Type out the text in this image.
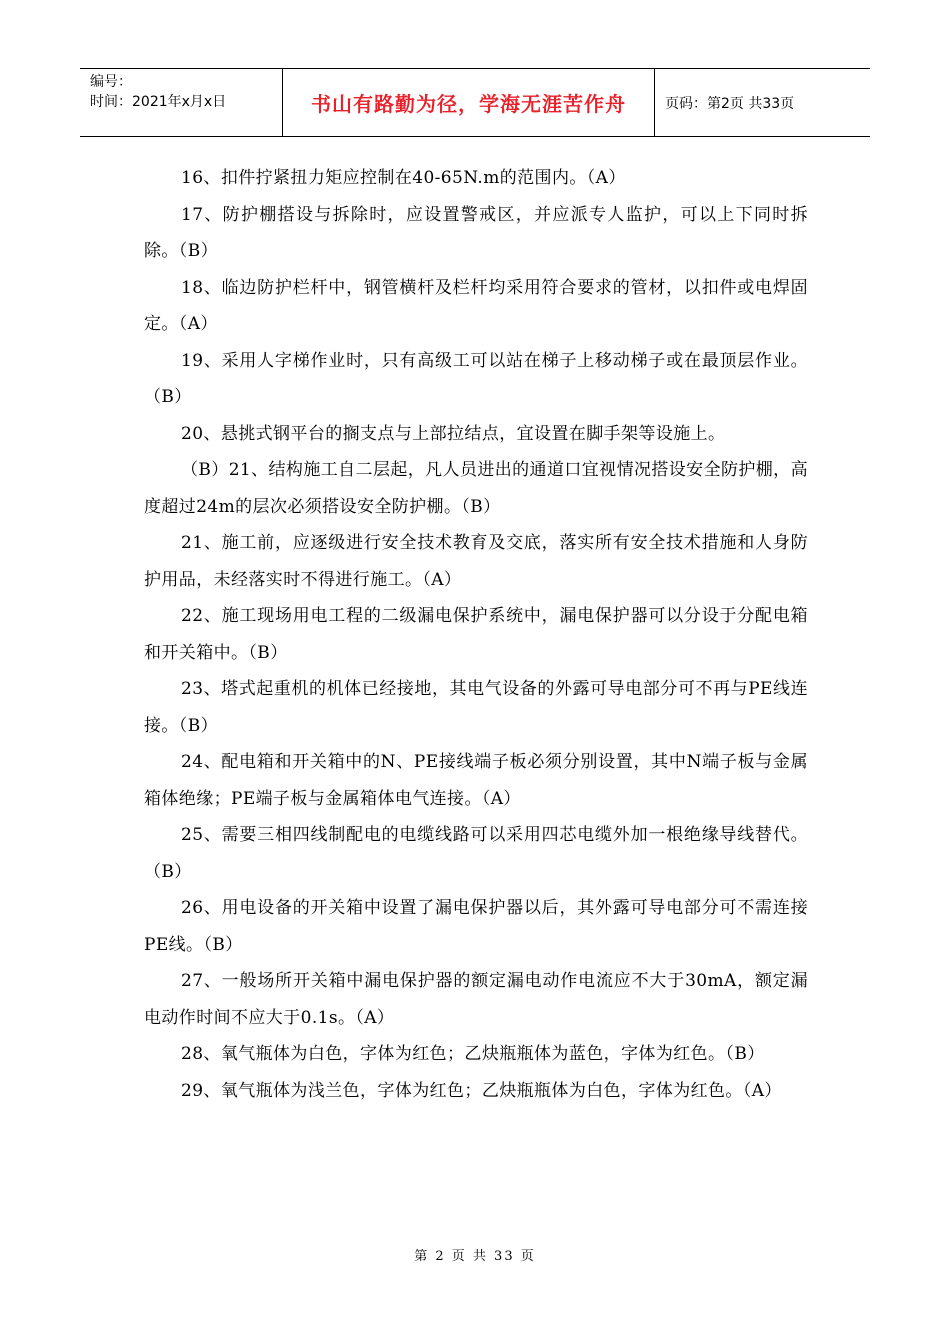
编号：
时间：2021年x月x日	书山有路勤为径，学海无涯苦作舟	页码：第2页 共33页

16、扣件拧紧扭力矩应控制在40-65N.m的范围内。（A）

17、防护棚搭设与拆除时，应设置警戒区，并应派专人监护，可以上下同时拆除。（B）

18、临边防护栏杆中，钢管横杆及栏杆均采用符合要求的管材，以扣件或电焊固定。（A）

19、采用人字梯作业时，只有高级工可以站在梯子上移动梯子或在最顶层作业。（B）

20、悬挑式钢平台的搁支点与上部拉结点，宜设置在脚手架等设施上。

（B）21、结构施工自二层起，凡人员进出的通道口宜视情况搭设安全防护棚，高度超过24m的层次必须搭设安全防护棚。（B）

21、施工前，应逐级进行安全技术教育及交底，落实所有安全技术措施和人身防护用品，未经落实时不得进行施工。（A）

22、施工现场用电工程的二级漏电保护系统中，漏电保护器可以分设于分配电箱和开关箱中。（B）

23、塔式起重机的机体已经接地，其电气设备的外露可导电部分可不再与PE线连接。（B）

24、配电箱和开关箱中的N、PE接线端子板必须分别设置，其中N端子板与金属箱体绝缘；PE端子板与金属箱体电气连接。（A）

25、需要三相四线制配电的电缆线路可以采用四芯电缆外加一根绝缘导线替代。（B）

26、用电设备的开关箱中设置了漏电保护器以后，其外露可导电部分可不需连接PE线。（B）

27、一般场所开关箱中漏电保护器的额定漏电动作电流应不大于30mA，额定漏电动作时间不应大于0.1s。（A）

28、氧气瓶体为白色，字体为红色；乙炔瓶瓶体为蓝色，字体为红色。（B）

29、氧气瓶体为浅兰色，字体为红色；乙炔瓶瓶体为白色，字体为红色。（A）

第 2 页 共 33 页
